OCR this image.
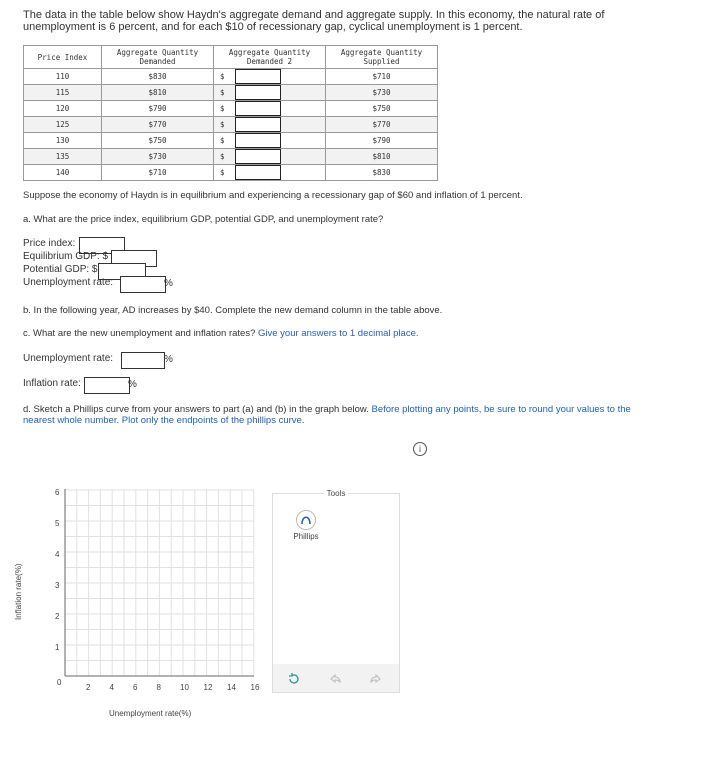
The data in the table below show Haydn's aggregate demand and aggregate supply. In this economy, the natural rate of unemployment is 6 percent, and for each $10 of recessionary gap, cyclical unemployment is 1 percent.
Price Index	Aggregate Quantity Demanded	Aggregate Quantity Demanded 2	Aggregate Quantity Supplied
110	$830	$	$710
115	$810	$	$730
120	$790	$	$750
125	$770	$	$770
130	$750	$	$790
135	$730	$	$810
140	$710	$	$830
Suppose the economy of Haydn is in equilibrium and experiencing a recessionary gap of $60 and inflation of 1 percent.
a. What are the price index, equilibrium GDP, potential GDP, and unemployment rate?
Price index:
Equilibrium GDP: $
Potential GDP: $
Unemployment rate:	%
b. In the following year, AD increases by $40. Complete the new demand column in the table above.
c. What are the new unemployment and inflation rates? Give your answers to 1 decimal place.
Unemployment rate:	%
Inflation rate:	%
d. Sketch a Phillips curve from your answers to part (a) and (b) in the graph below. Before plotting any points, be sure to round your values to the nearest whole number. Plot only the endpoints of the phillips curve.
i
Inflation rate(%)
6
5
4
3
2
1
2 4 6 8 10 12 14 16
0
Unemployment rate(%)
Tools
Phillips
